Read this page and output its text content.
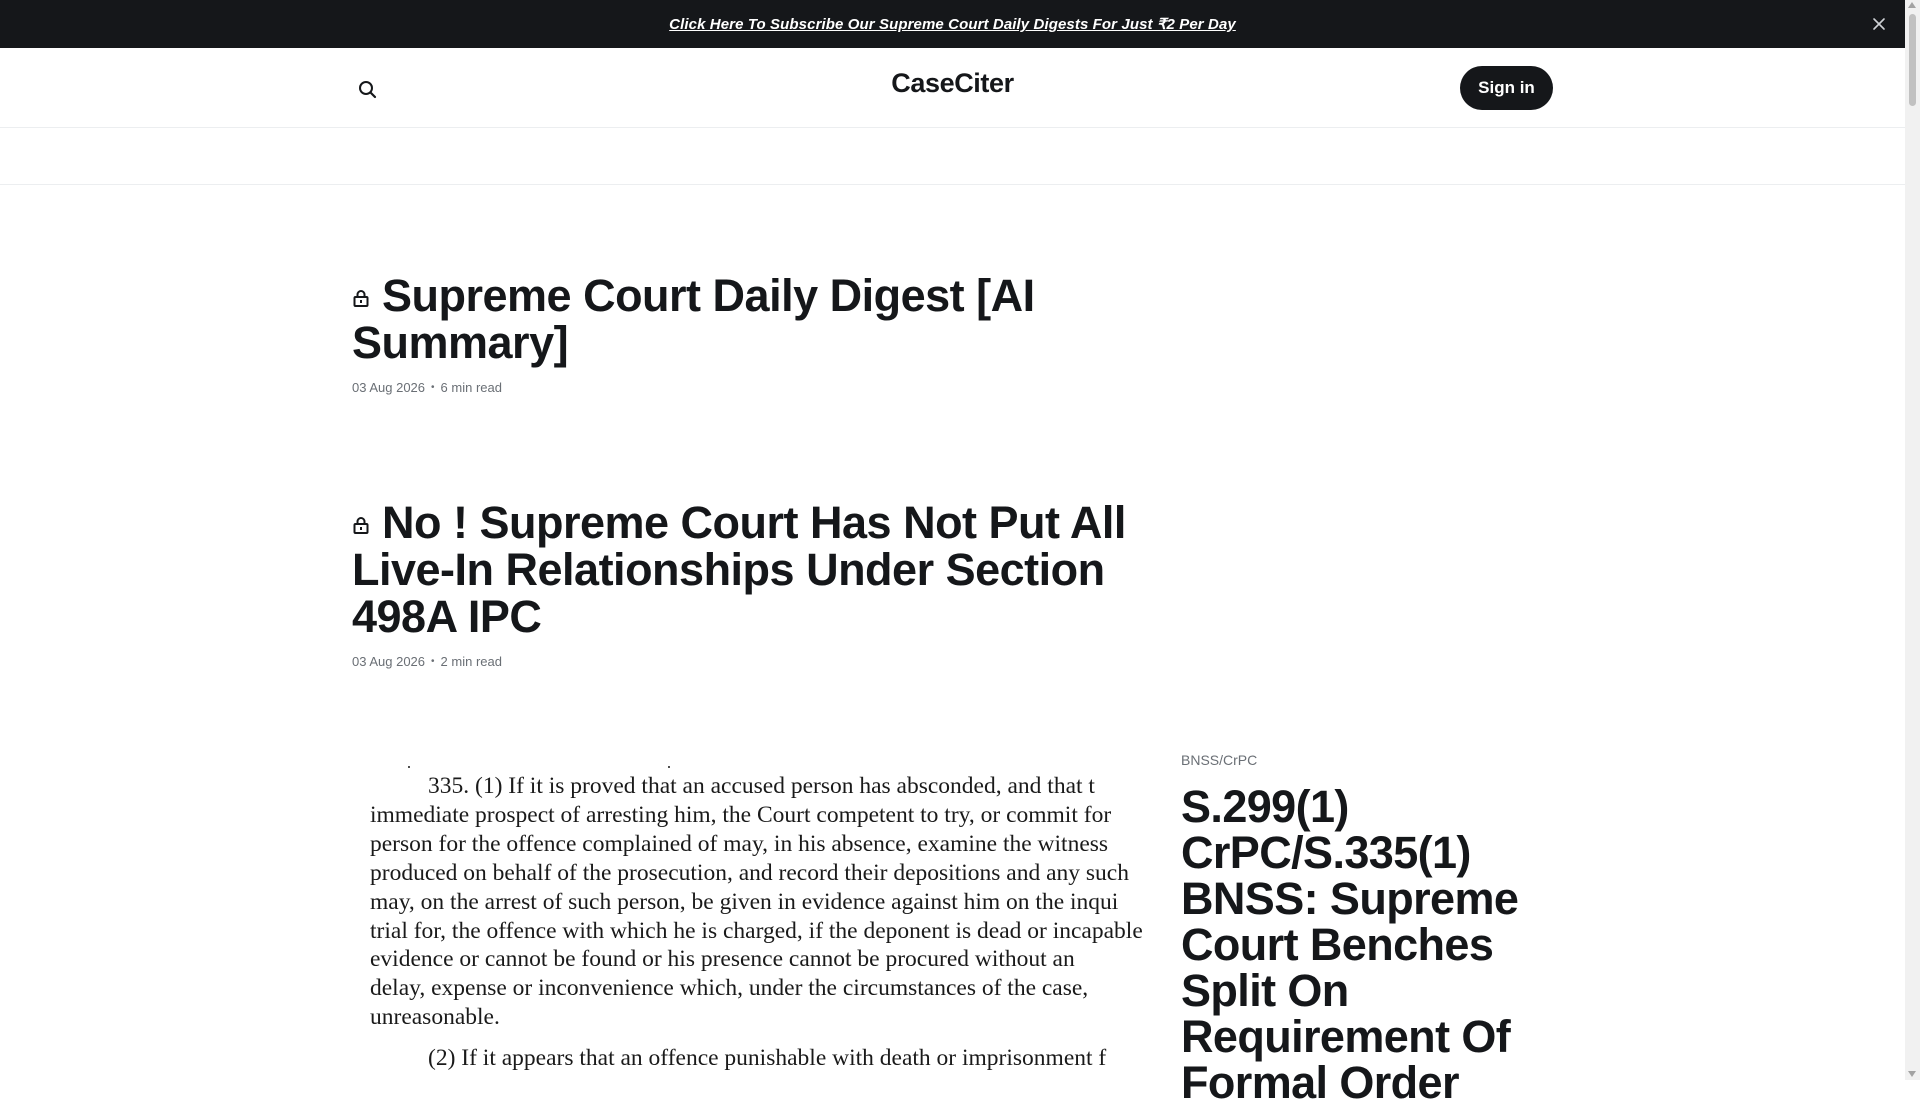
Click Here To Subscribe Our Supreme Court Daily Digests For Just ₹2 Per Day
CaseCiter	Sign in
Supreme Court Daily Digest [AI Summary]
03 Aug 2026 • 6 min read
No ! Supreme Court Has Not Put All Live-In Relationships Under Section 498A IPC
03 Aug 2026 • 2 min read
·	·

335. (1) If it is proved that an accused person has absconded, and that t

immediate prospect of arresting him, the Court competent to try, or commit for

person for the offence complained of may, in his absence, examine the witness

produced on behalf of the prosecution, and record their depositions and any such

may, on the arrest of such person, be given in evidence against him on the inqui

trial for, the offence with which he is charged, if the deponent is dead or incapable

evidence or cannot be found or his presence cannot be procured without an

delay, expense or inconvenience which, under the circumstances of the case,

unreasonable.

(2) If it appears that an offence punishable with death or imprisonment f

BNSS/CrPC
S.299(1) CrPC/S.335(1) BNSS: Supreme Court Benches Split On Requirement Of Formal Order
